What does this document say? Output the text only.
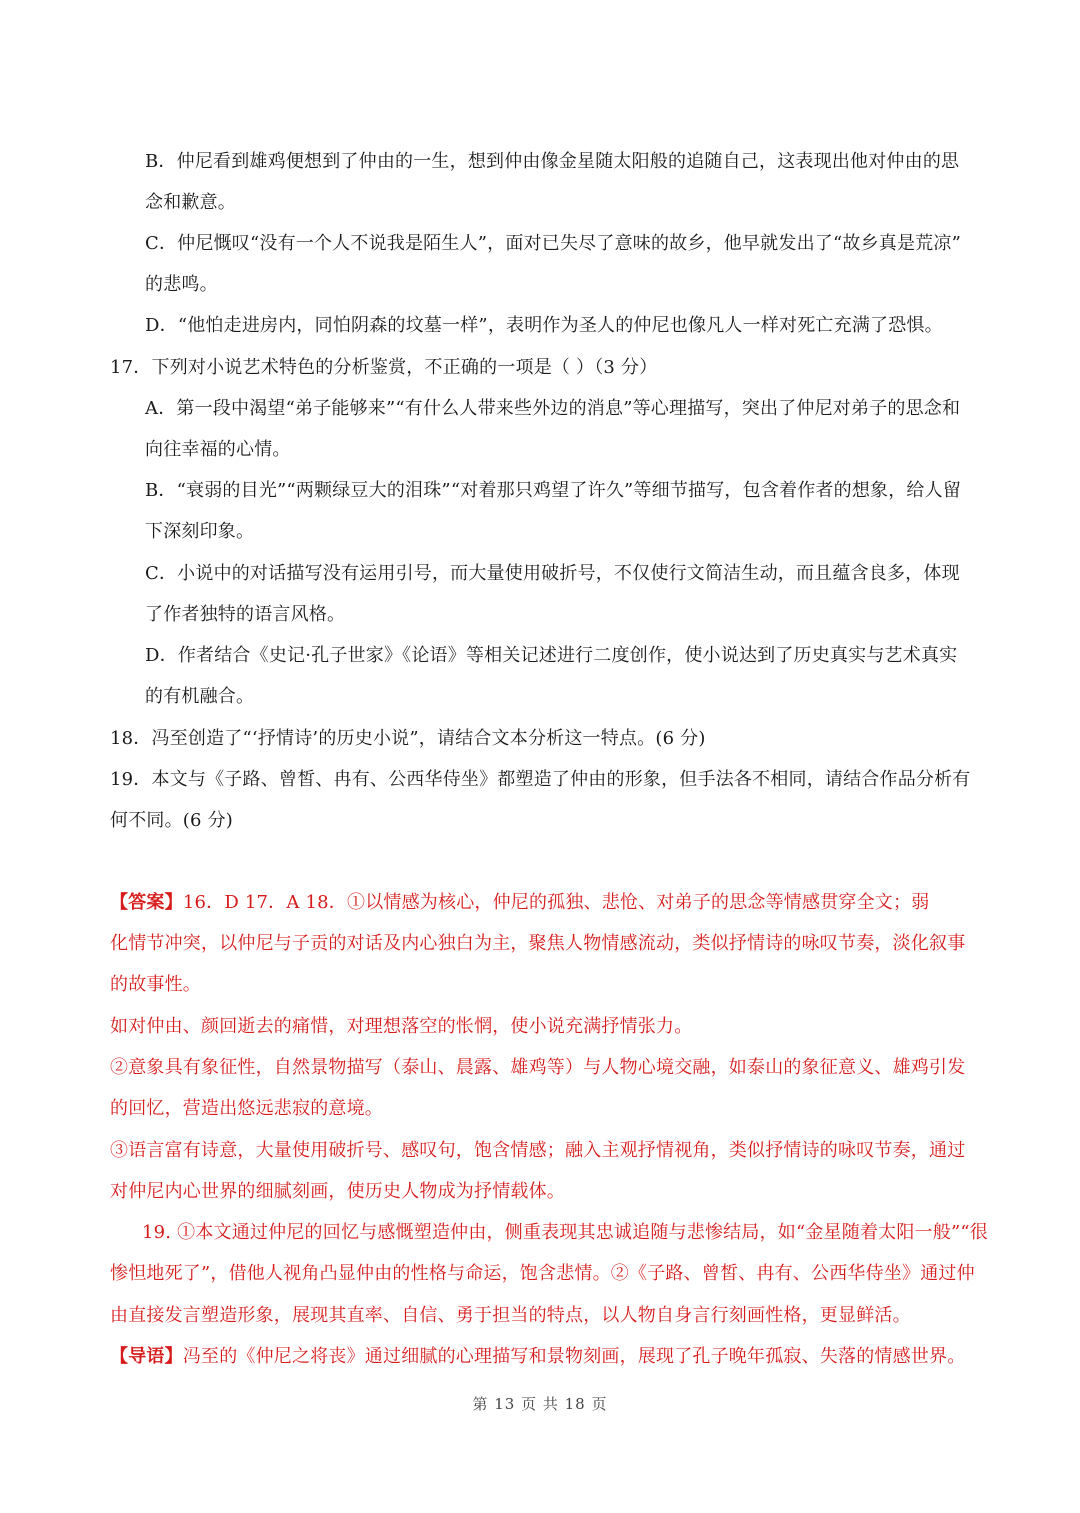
B．仲尼看到雄鸡便想到了仲由的一生，想到仲由像金星随太阳般的追随自己，这表现出他对仲由的思
念和歉意。
C．仲尼慨叹“没有一个人不说我是陌生人”，面对已失尽了意味的故乡，他早就发出了“故乡真是荒凉”
的悲鸣。
D．“他怕走进房内，同怕阴森的坟墓一样”，表明作为圣人的仲尼也像凡人一样对死亡充满了恐惧。
17．下列对小说艺术特色的分析鉴赏，不正确的一项是（ ）（3 分）
A．第一段中渴望“弟子能够来”“有什么人带来些外边的消息”等心理描写，突出了仲尼对弟子的思念和
向往幸福的心情。
B．“衰弱的目光”“两颗绿豆大的泪珠”“对着那只鸡望了许久”等细节描写，包含着作者的想象，给人留
下深刻印象。
C．小说中的对话描写没有运用引号，而大量使用破折号，不仅使行文简洁生动，而且蕴含良多，体现
了作者独特的语言风格。
D．作者结合《史记·孔子世家》《论语》等相关记述进行二度创作，使小说达到了历史真实与艺术真实
的有机融合。
18．冯至创造了“‘抒情诗’的历史小说”，请结合文本分析这一特点。(6 分)
19．本文与《子路、曾皙、冉有、公西华侍坐》都塑造了仲由的形象，但手法各不相同，请结合作品分析有
何不同。(6 分)
【答案】16．D 17．A 18．①以情感为核心，仲尼的孤独、悲怆、对弟子的思念等情感贯穿全文；弱
化情节冲突，以仲尼与子贡的对话及内心独白为主，聚焦人物情感流动，类似抒情诗的咏叹节奏，淡化叙事
的故事性。
如对仲由、颜回逝去的痛惜，对理想落空的怅惘，使小说充满抒情张力。
②意象具有象征性，自然景物描写（泰山、晨露、雄鸡等）与人物心境交融，如泰山的象征意义、雄鸡引发
的回忆，营造出悠远悲寂的意境。
③语言富有诗意，大量使用破折号、感叹句，饱含情感；融入主观抒情视角，类似抒情诗的咏叹节奏，通过
对仲尼内心世界的细腻刻画，使历史人物成为抒情载体。
19. ①本文通过仲尼的回忆与感慨塑造仲由，侧重表现其忠诚追随与悲惨结局，如“金星随着太阳一般”“很
惨怛地死了”，借他人视角凸显仲由的性格与命运，饱含悲情。②《子路、曾皙、冉有、公西华侍坐》通过仲
由直接发言塑造形象，展现其直率、自信、勇于担当的特点，以人物自身言行刻画性格，更显鲜活。
【导语】冯至的《仲尼之将丧》通过细腻的心理描写和景物刻画，展现了孔子晚年孤寂、失落的情感世界。
第 13 页 共 18 页
